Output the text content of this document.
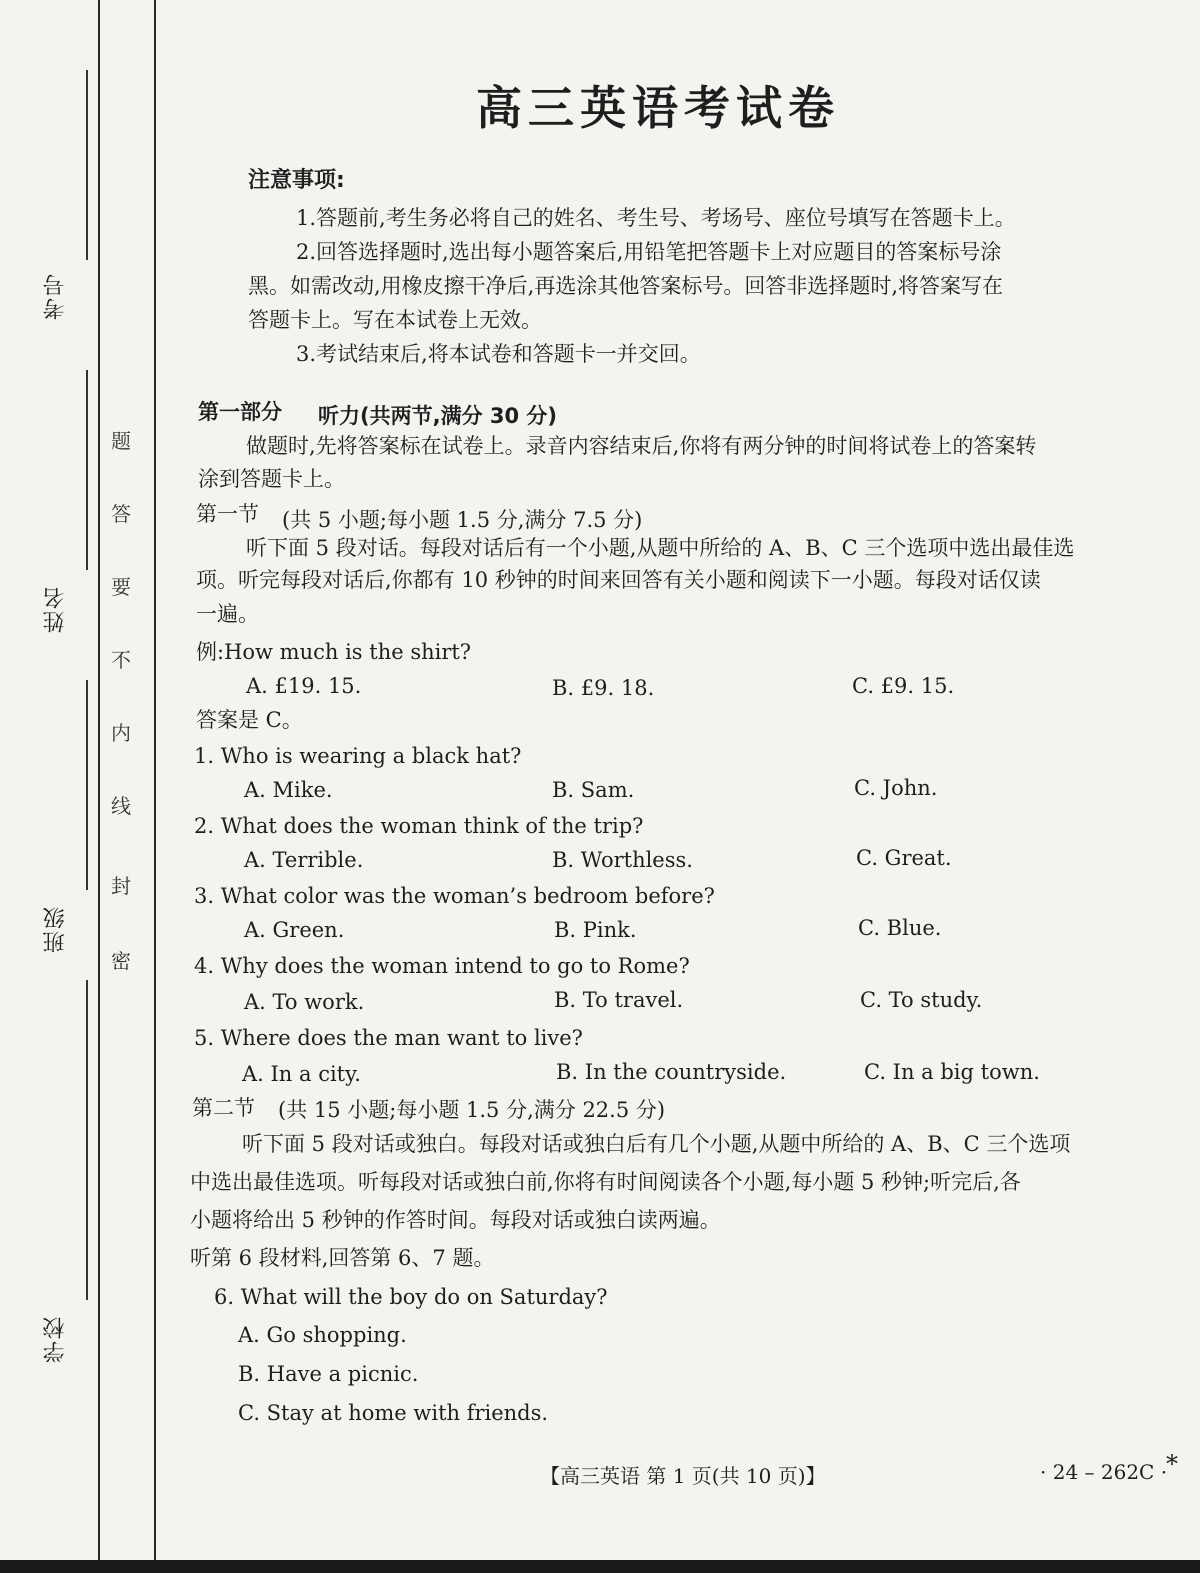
考号
姓名
班级
学校
题
答
要
不
内
线
封
密
高三英语考试卷
注意事项:
1.答题前,考生务必将自己的姓名、考生号、考场号、座位号填写在答题卡上。
2.回答选择题时,选出每小题答案后,用铅笔把答题卡上对应题目的答案标号涂
黑。如需改动,用橡皮擦干净后,再选涂其他答案标号。回答非选择题时,将答案写在
答题卡上。写在本试卷上无效。
3.考试结束后,将本试卷和答题卡一并交回。
第一部分 听力(共两节,满分 30 分)
做题时,先将答案标在试卷上。录音内容结束后,你将有两分钟的时间将试卷上的答案转
涂到答题卡上。
第一节 (共 5 小题;每小题 1.5 分,满分 7.5 分)
听下面 5 段对话。每段对话后有一个小题,从题中所给的 A、B、C 三个选项中选出最佳选
项。听完每段对话后,你都有 10 秒钟的时间来回答有关小题和阅读下一小题。每段对话仅读
一遍。
例:How much is the shirt?
A. £19. 15.	B. £9. 18.	C. £9. 15.
答案是 C。
1. Who is wearing a black hat?
A. Mike.	B. Sam.	C. John.
2. What does the woman think of the trip?
A. Terrible.	B. Worthless.	C. Great.
3. What color was the woman’s bedroom before?
A. Green.	B. Pink.	C. Blue.
4. Why does the woman intend to go to Rome?
A. To work.	B. To travel.	C. To study.
5. Where does the man want to live?
A. In a city.	B. In the countryside.	C. In a big town.
第二节 (共 15 小题;每小题 1.5 分,满分 22.5 分)
听下面 5 段对话或独白。每段对话或独白后有几个小题,从题中所给的 A、B、C 三个选项
中选出最佳选项。听每段对话或独白前,你将有时间阅读各个小题,每小题 5 秒钟;听完后,各
小题将给出 5 秒钟的作答时间。每段对话或独白读两遍。
听第 6 段材料,回答第 6、7 题。
6. What will the boy do on Saturday?
A. Go shopping.
B. Have a picnic.
C. Stay at home with friends.
【高三英语 第 1 页(共 10 页)】	· 24 – 262C ·
*
